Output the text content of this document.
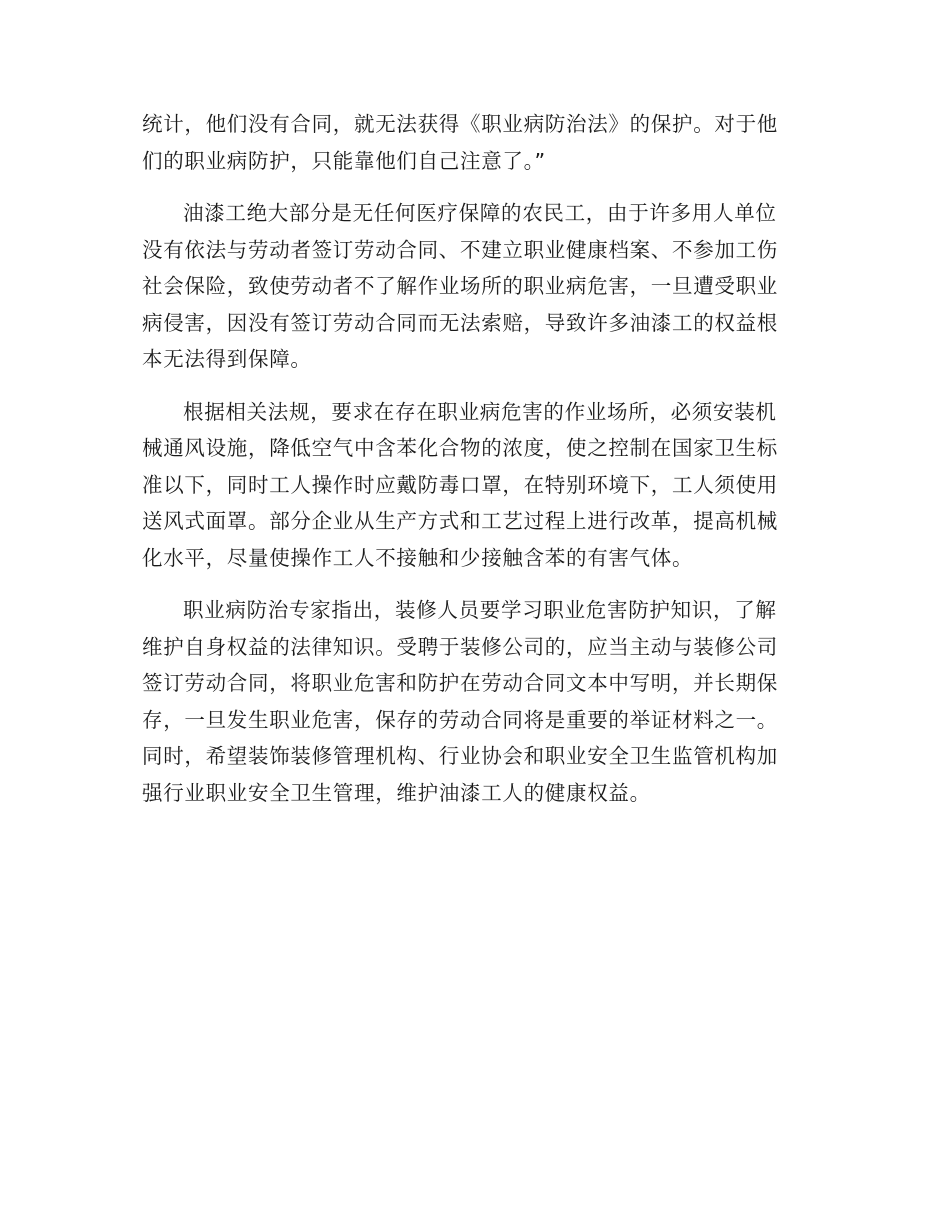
统计，他们没有合同，就无法获得《职业病防治法》的保护。对于他
们的职业病防护，只能靠他们自己注意了。”

油漆工绝大部分是无任何医疗保障的农民工，由于许多用人单位
没有依法与劳动者签订劳动合同、不建立职业健康档案、不参加工伤
社会保险，致使劳动者不了解作业场所的职业病危害，一旦遭受职业
病侵害，因没有签订劳动合同而无法索赔，导致许多油漆工的权益根
本无法得到保障。

根据相关法规，要求在存在职业病危害的作业场所，必须安装机
械通风设施，降低空气中含苯化合物的浓度，使之控制在国家卫生标
准以下，同时工人操作时应戴防毒口罩，在特别环境下，工人须使用
送风式面罩。部分企业从生产方式和工艺过程上进行改革，提高机械
化水平，尽量使操作工人不接触和少接触含苯的有害气体。

职业病防治专家指出，装修人员要学习职业危害防护知识，了解
维护自身权益的法律知识。受聘于装修公司的，应当主动与装修公司
签订劳动合同，将职业危害和防护在劳动合同文本中写明，并长期保
存，一旦发生职业危害，保存的劳动合同将是重要的举证材料之一。
同时，希望装饰装修管理机构、行业协会和职业安全卫生监管机构加
强行业职业安全卫生管理，维护油漆工人的健康权益。
